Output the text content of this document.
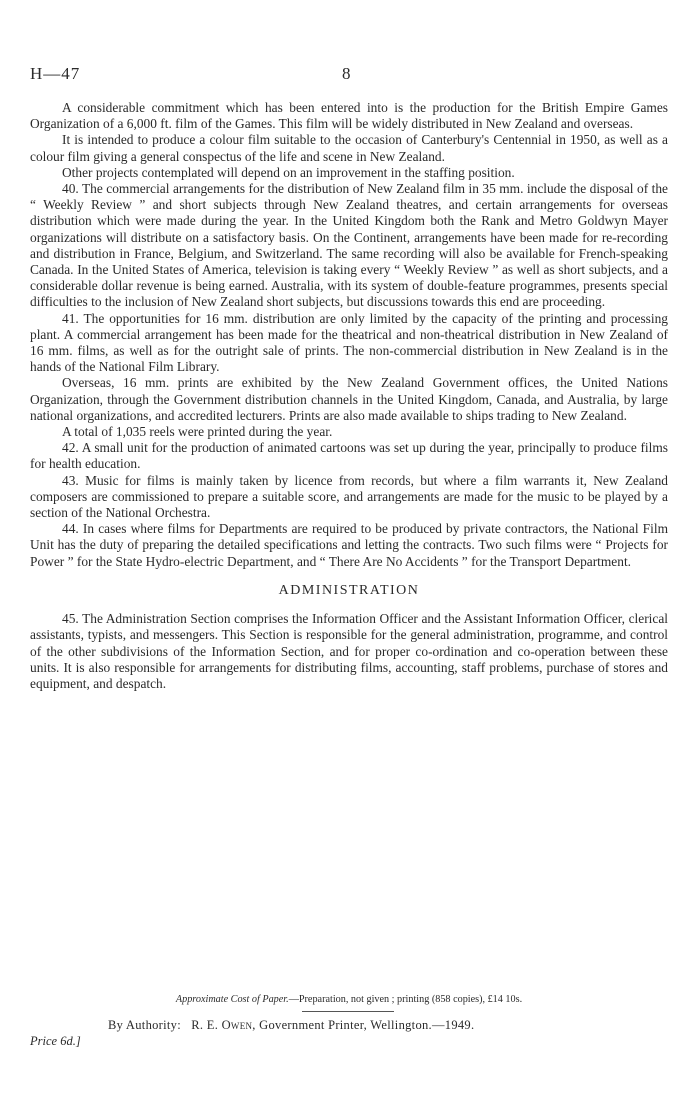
H—47	8

A considerable commitment which has been entered into is the production for the British Empire Games Organization of a 6,000 ft. film of the Games. This film will be widely distributed in New Zealand and overseas.

It is intended to produce a colour film suitable to the occasion of Canterbury's Centennial in 1950, as well as a colour film giving a general conspectus of the life and scene in New Zealand.

Other projects contemplated will depend on an improvement in the staffing position.

40. The commercial arrangements for the distribution of New Zealand film in 35 mm. include the disposal of the “ Weekly Review ” and short subjects through New Zealand theatres, and certain arrangements for overseas distribution which were made during the year. In the United Kingdom both the Rank and Metro Goldwyn Mayer organizations will distribute on a satisfactory basis. On the Continent, arrangements have been made for re-recording and distribution in France, Belgium, and Switzerland. The same recording will also be available for French-speaking Canada. In the United States of America, television is taking every “ Weekly Review ” as well as short subjects, and a considerable dollar revenue is being earned. Australia, with its system of double-feature programmes, presents special difficulties to the inclusion of New Zealand short subjects, but discussions towards this end are proceeding.

41. The opportunities for 16 mm. distribution are only limited by the capacity of the printing and processing plant. A commercial arrangement has been made for the theatrical and non-theatrical distribution in New Zealand of 16 mm. films, as well as for the outright sale of prints. The non-commercial distribution in New Zealand is in the hands of the National Film Library.

Overseas, 16 mm. prints are exhibited by the New Zealand Government offices, the United Nations Organization, through the Government distribution channels in the United Kingdom, Canada, and Australia, by large national organizations, and accredited lecturers. Prints are also made available to ships trading to New Zealand.

A total of 1,035 reels were printed during the year.

42. A small unit for the production of animated cartoons was set up during the year, principally to produce films for health education.

43. Music for films is mainly taken by licence from records, but where a film warrants it, New Zealand composers are commissioned to prepare a suitable score, and arrangements are made for the music to be played by a section of the National Orchestra.

44. In cases where films for Departments are required to be produced by private contractors, the National Film Unit has the duty of preparing the detailed specifications and letting the contracts. Two such films were “ Projects for Power ” for the State Hydro-electric Department, and “ There Are No Accidents ” for the Transport Department.

ADMINISTRATION

45. The Administration Section comprises the Information Officer and the Assistant Information Officer, clerical assistants, typists, and messengers. This Section is responsible for the general administration, programme, and control of the other subdivisions of the Information Section, and for proper co-ordination and co-operation between these units. It is also responsible for arrangements for distributing films, accounting, staff problems, purchase of stores and equipment, and despatch.

Approximate Cost of Paper.—Preparation, not given ; printing (858 copies), £14 10s.
By Authority: R. E. Owen, Government Printer, Wellington.—1949.
Price 6d.]
